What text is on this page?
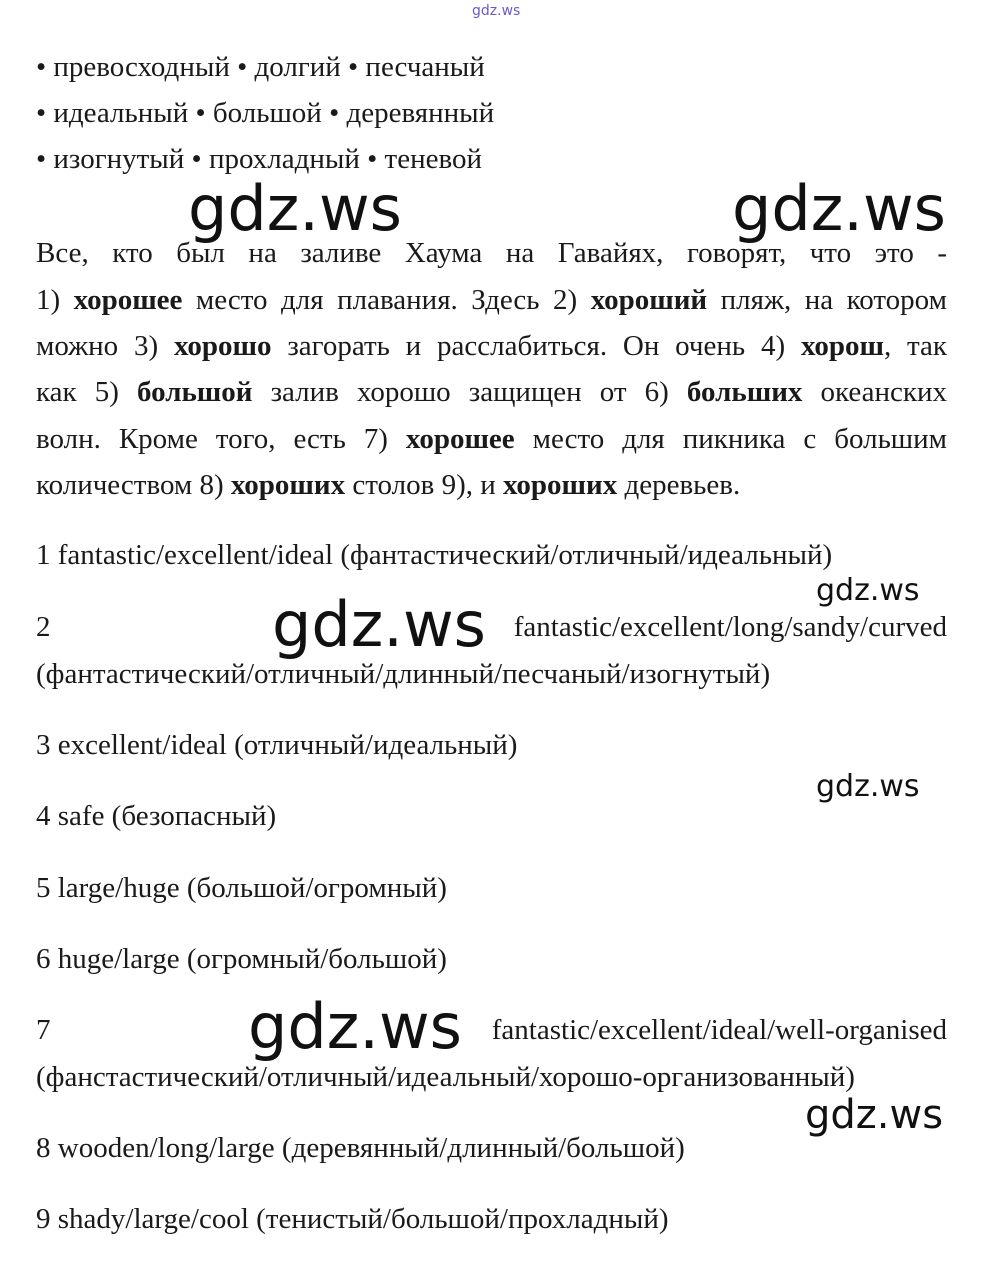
gdz.ws
• превосходный • долгий • песчаный
• идеальный • большой • деревянный
• изогнутый • прохладный • теневой
gdz.ws	gdz.ws
Все, кто был на заливе Хаума на Гавайях, говорят, что это -
1) хорошее место для плавания. Здесь 2) хороший пляж, на котором
можно 3) хорошо загорать и расслабиться. Он очень 4) хорош, так
как 5) большой залив хорошо защищен от 6) больших океанских
волн. Кроме того, есть 7) хорошее место для пикника с большим
количеством 8) хороших столов 9), и хороших деревьев.
1 fantastic/excellent/ideal (фантастический/отличный/идеальный)
gdz.ws
2	fantastic/excellent/long/sandy/curved
gdz.ws
(фантастический/отличный/длинный/песчаный/изогнутый)
3 excellent/ideal (отличный/идеальный)
gdz.ws
4 safe (безопасный)
5 large/huge (большой/огромный)
6 huge/large (огромный/большой)
7	fantastic/excellent/ideal/well-organised
gdz.ws
(фанстастический/отличный/идеальный/хорошо-организованный)
gdz.ws
8 wooden/long/large (деревянный/длинный/большой)
9 shady/large/cool (тенистый/большой/прохладный)
